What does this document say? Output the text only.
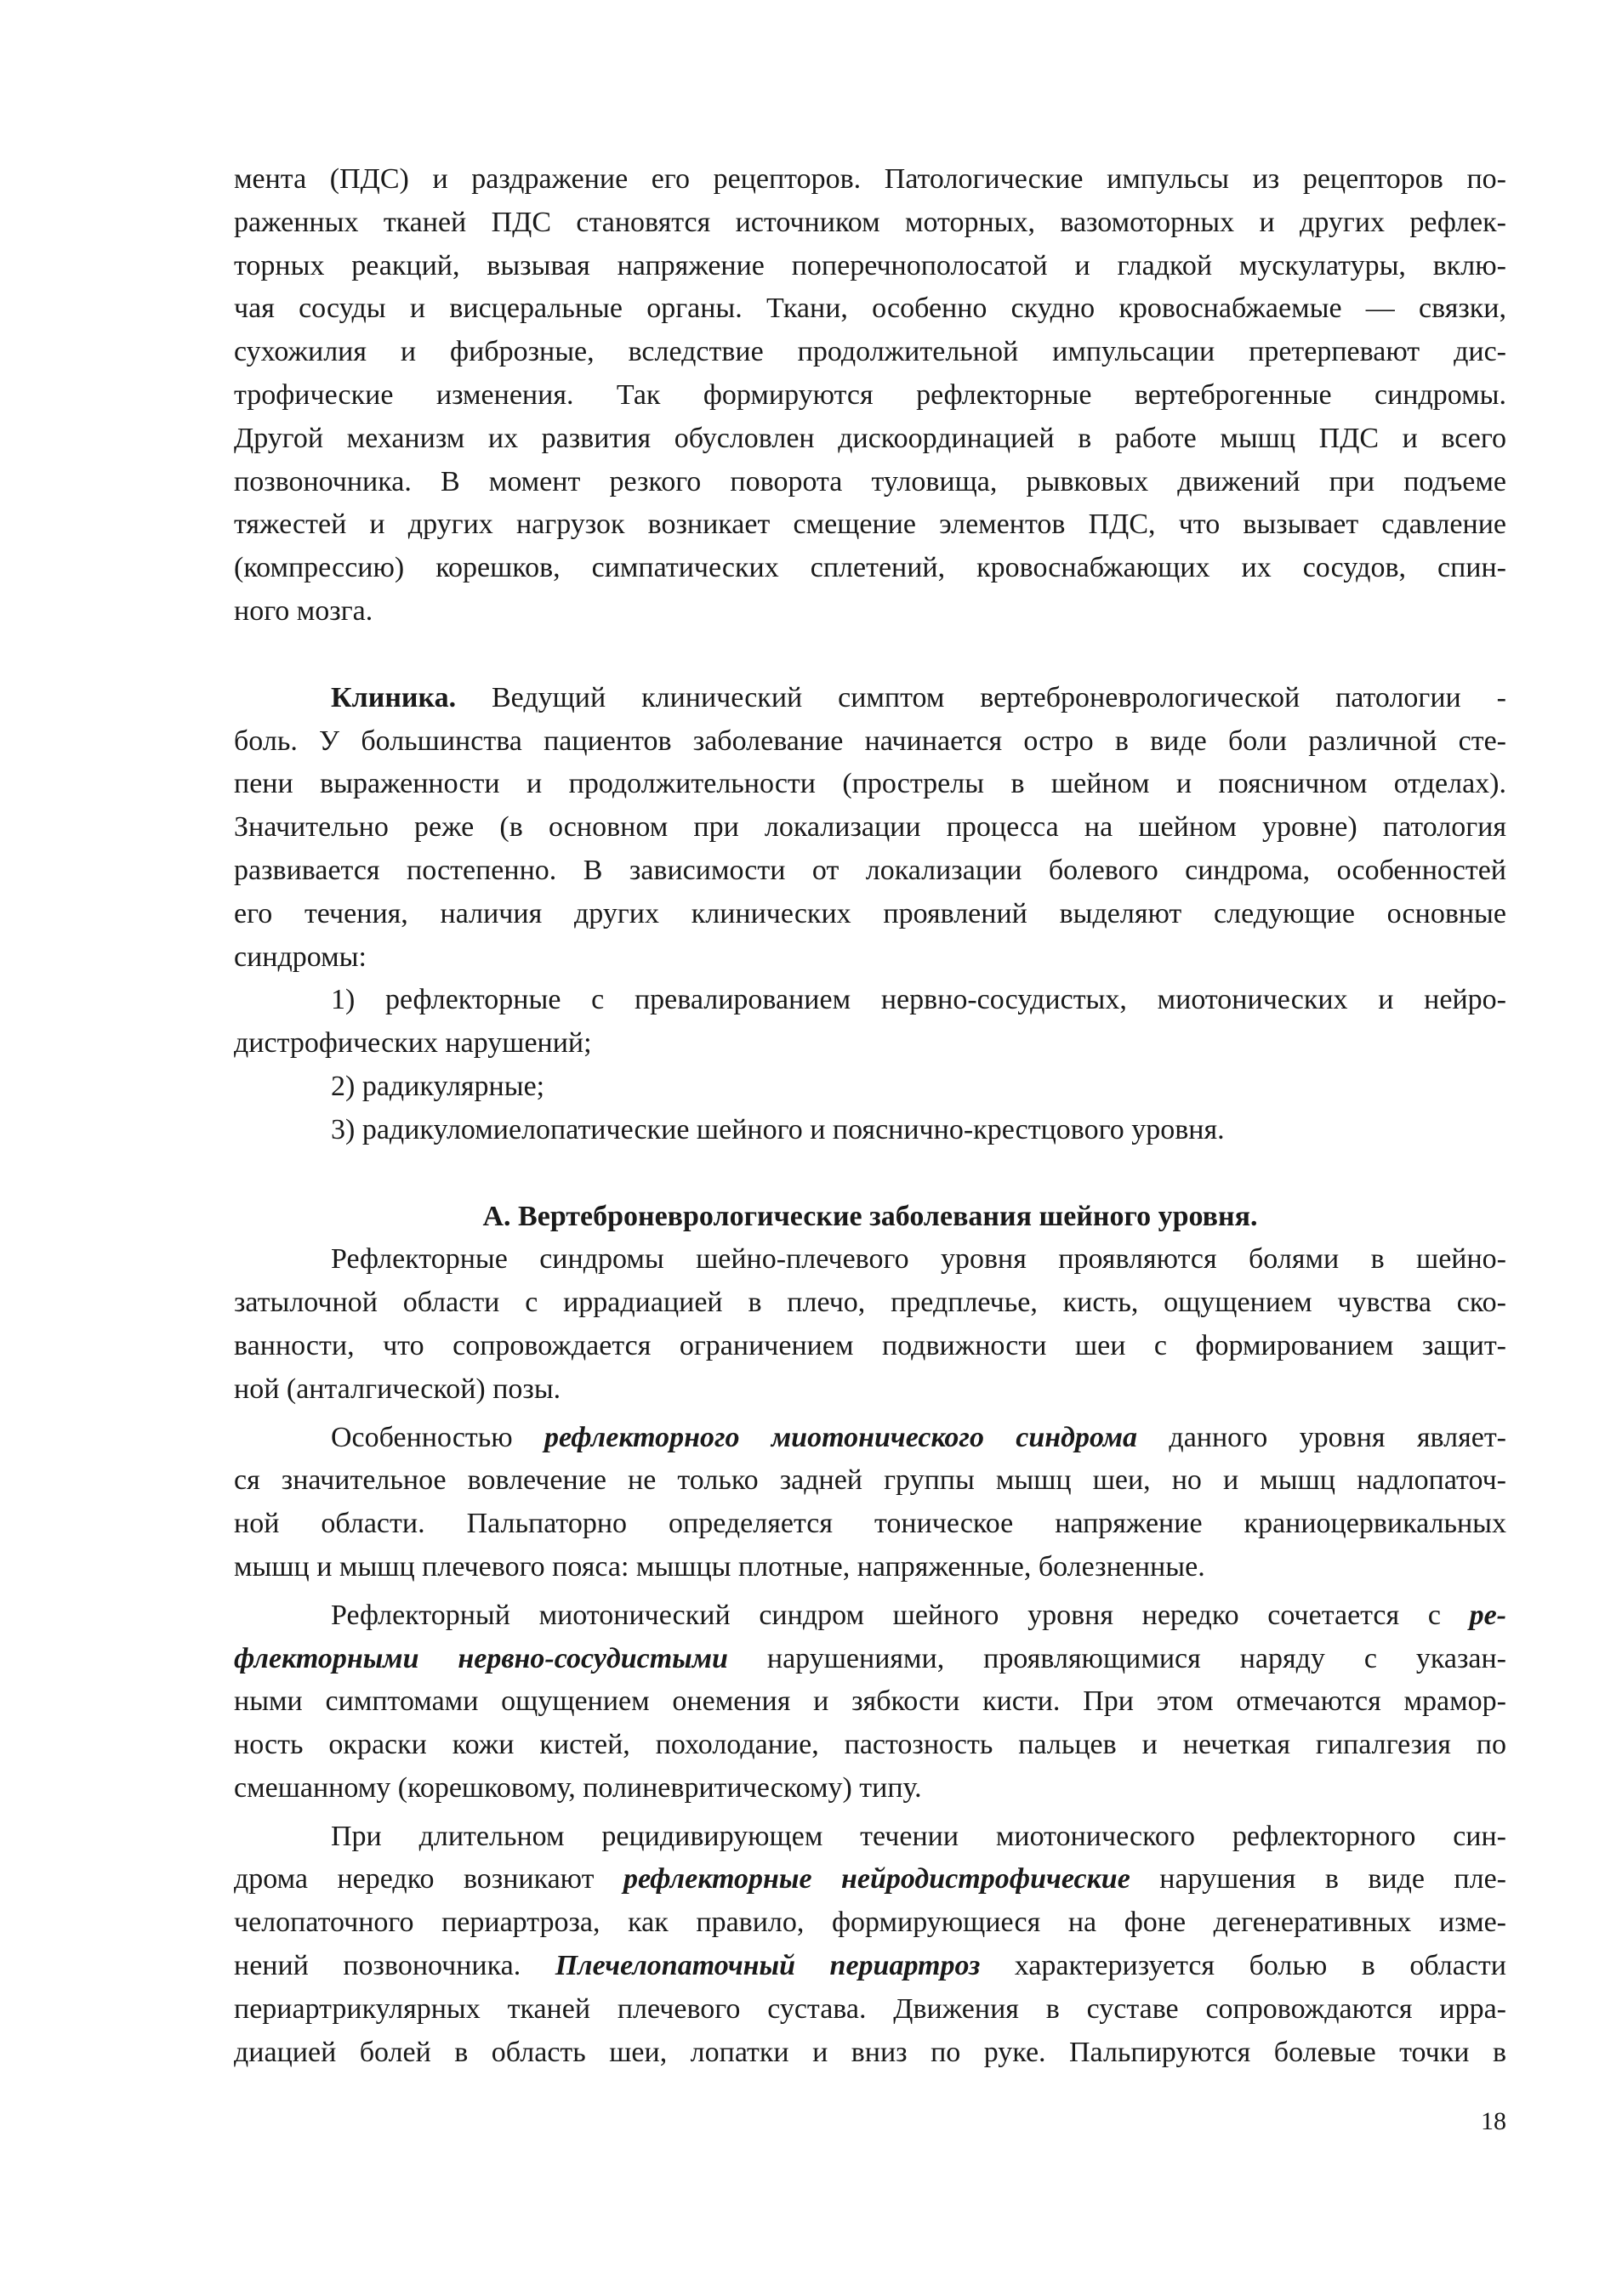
мента (ПДС) и раздражение его рецепторов. Патологические импульсы из рецепторов по-
раженных тканей ПДС становятся источником моторных, вазомоторных и других рефлек-
торных реакций, вызывая напряжение поперечнополосатой и гладкой мускулатуры, вклю-
чая сосуды и висцеральные органы. Ткани, особенно скудно кровоснабжаемые — связки,
сухожилия и фиброзные, вследствие продолжительной импульсации претерпевают дис-
трофические изменения. Так формируются рефлекторные вертеброгенные синдромы.
Другой механизм их развития обусловлен дискоординацией в работе мышц ПДС и всего
позвоночника. В момент резкого поворота туловища, рывковых движений при подъеме
тяжестей и других нагрузок возникает смещение элементов ПДС, что вызывает сдавление
(компрессию) корешков, симпатических сплетений, кровоснабжающих их сосудов, спин-
ного мозга.
Клиника. Ведущий клинический симптом вертеброневрологической патологии -
боль. У большинства пациентов заболевание начинается остро в виде боли различной сте-
пени выраженности и продолжительности (прострелы в шейном и поясничном отделах).
Значительно реже (в основном при локализации процесса на шейном уровне) патология
развивается постепенно. В зависимости от локализации болевого синдрома, особенностей
его течения, наличия других клинических проявлений выделяют следующие основные
синдромы:
1) рефлекторные с превалированием нервно-сосудистых, миотонических и нейро-
дистрофических нарушений;
2) радикулярные;
3) радикуломиелопатические шейного и пояснично-крестцового уровня.
А. Вертеброневрологические заболевания шейного уровня.
Рефлекторные синдромы шейно-плечевого уровня проявляются болями в шейно-
затылочной области с иррадиацией в плечо, предплечье, кисть, ощущением чувства ско-
ванности, что сопровождается ограничением подвижности шеи с формированием защит-
ной (анталгической) позы.
Особенностью рефлекторного миотонического синдрома данного уровня являет-
ся значительное вовлечение не только задней группы мышц шеи, но и мышц надлопаточ-
ной области. Пальпаторно определяется тоническое напряжение краниоцервикальных
мышц и мышц плечевого пояса: мышцы плотные, напряженные, болезненные.
Рефлекторный миотонический синдром шейного уровня нередко сочетается с ре-
флекторными нервно-сосудистыми нарушениями, проявляющимися наряду с указан-
ными симптомами ощущением онемения и зябкости кисти. При этом отмечаются мрамор-
ность окраски кожи кистей, похолодание, пастозность пальцев и нечеткая гипалгезия по
смешанному (корешковому, полиневритическому) типу.
При длительном рецидивирующем течении миотонического рефлекторного син-
дрома нередко возникают рефлекторные нейродистрофические нарушения в виде пле-
челопаточного периартроза, как правило, формирующиеся на фоне дегенеративных изме-
нений позвоночника. Плечелопаточный периартроз характеризуется болью в области
периартрикулярных тканей плечевого сустава. Движения в суставе сопровождаются ирра-
диацией болей в область шеи, лопатки и вниз по руке. Пальпируются болевые точки в
18
